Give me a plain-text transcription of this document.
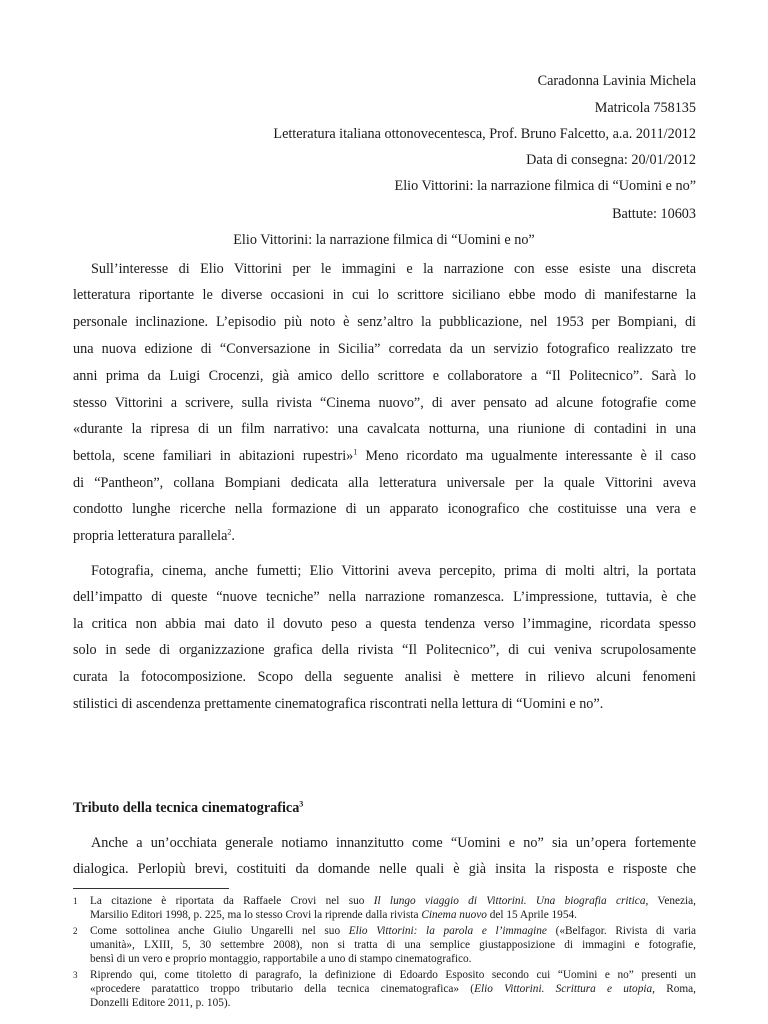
Caradonna Lavinia Michela
Matricola 758135
Letteratura italiana ottonovecentesca, Prof. Bruno Falcetto, a.a. 2011/2012
Data di consegna: 20/01/2012
Elio Vittorini: la narrazione filmica di “Uomini e no”
Battute: 10603
Elio Vittorini: la narrazione filmica di “Uomini e no”
Sull’interesse di Elio Vittorini per le immagini e la narrazione con esse esiste una discreta
letteratura riportante le diverse occasioni in cui lo scrittore siciliano ebbe modo di manifestarne la
personale inclinazione. L’episodio più noto è senz’altro la pubblicazione, nel 1953 per Bompiani, di
una nuova edizione di “Conversazione in Sicilia” corredata da un servizio fotografico realizzato tre
anni prima da Luigi Crocenzi, già amico dello scrittore e collaboratore a “Il Politecnico”. Sarà lo
stesso Vittorini a scrivere, sulla rivista “Cinema nuovo”, di aver pensato ad alcune fotografie come
«durante la ripresa di un film narrativo: una cavalcata notturna, una riunione di contadini in una
bettola, scene familiari in abitazioni rupestri»$^1$ Meno ricordato ma ugualmente interessante è il caso
di “Pantheon”, collana Bompiani dedicata alla letteratura universale per la quale Vittorini aveva
condotto lunghe ricerche nella formazione di un apparato iconografico che costituisse una vera e
propria letteratura parallela$^2$.
Fotografia, cinema, anche fumetti; Elio Vittorini aveva percepito, prima di molti altri, la portata
dell’impatto di queste “nuove tecniche” nella narrazione romanzesca. L’impressione, tuttavia, è che
la critica non abbia mai dato il dovuto peso a questa tendenza verso l’immagine, ricordata spesso
solo in sede di organizzazione grafica della rivista “Il Politecnico”, di cui veniva scrupolosamente
curata la fotocomposizione. Scopo della seguente analisi è mettere in rilievo alcuni fenomeni
stilistici di ascendenza prettamente cinematografica riscontrati nella lettura di “Uomini e no”.
Tributo della tecnica cinematografica$^3$
Anche a un’occhiata generale notiamo innanzitutto come “Uomini e no” sia un’opera fortemente
dialogica. Perlopiù brevi, costituiti da domande nelle quali è già insita la risposta e risposte che
1 La citazione è riportata da Raffaele Crovi nel suo Il lungo viaggio di Vittorini. Una biografia critica, Venezia,
Marsilio Editori 1998, p. 225, ma lo stesso Crovi la riprende dalla rivista Cinema nuovo del 15 Aprile 1954.
2 Come sottolinea anche Giulio Ungarelli nel suo Elio Vittorini: la parola e l’immagine («Belfagor. Rivista di varia
umanità», LXIII, 5, 30 settembre 2008), non si tratta di una semplice giustapposizione di immagini e fotografie,
bensì di un vero e proprio montaggio, rapportabile a uno di stampo cinematografico.
3 Riprendo qui, come titoletto di paragrafo, la definizione di Edoardo Esposito secondo cui “Uomini e no” presenti un
«procedere paratattico troppo tributario della tecnica cinematografica» (Elio Vittorini. Scrittura e utopia, Roma,
Donzelli Editore 2011, p. 105).
